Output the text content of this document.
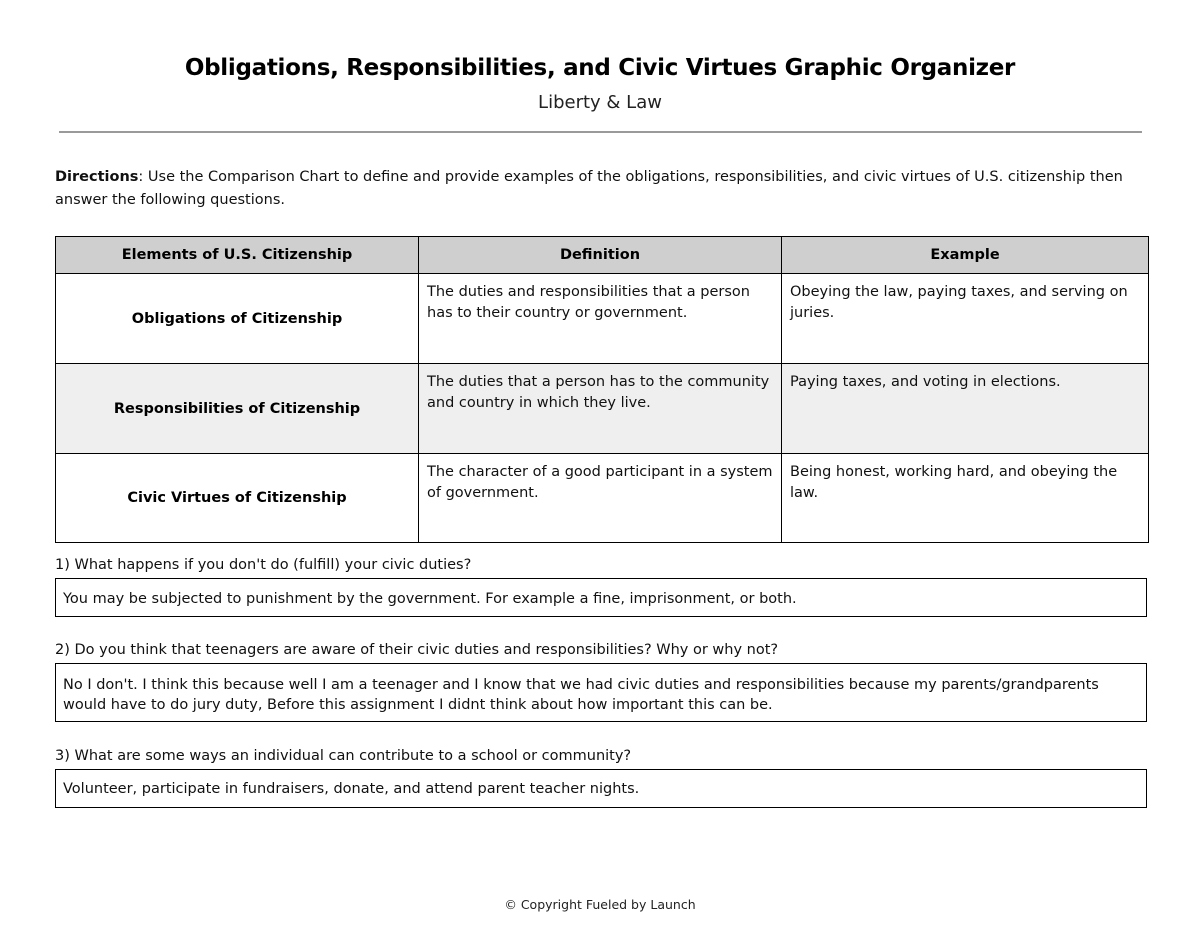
Obligations, Responsibilities, and Civic Virtues Graphic Organizer
Liberty & Law
Directions: Use the Comparison Chart to define and provide examples of the obligations, responsibilities, and civic virtues of U.S. citizenship then answer the following questions.
Elements of U.S. Citizenship	Definition	Example
Obligations of Citizenship	The duties and responsibilities that a person has to their country or government.	Obeying the law, paying taxes, and serving on juries.
Responsibilities of Citizenship	The duties that a person has to the community and country in which they live.	Paying taxes, and voting in elections.
Civic Virtues of Citizenship	The character of a good participant in a system of government.	Being honest, working hard, and obeying the law.
1) What happens if you don't do (fulfill) your civic duties?
You may be subjected to punishment by the government. For example a fine, imprisonment, or both.
2) Do you think that teenagers are aware of their civic duties and responsibilities? Why or why not?
No I don't. I think this because well I am a teenager and I know that we had civic duties and responsibilities because my parents/grandparents would have to do jury duty, Before this assignment I didnt think about how important this can be.
3) What are some ways an individual can contribute to a school or community?
Volunteer, participate in fundraisers, donate, and attend parent teacher nights.
© Copyright Fueled by Launch
